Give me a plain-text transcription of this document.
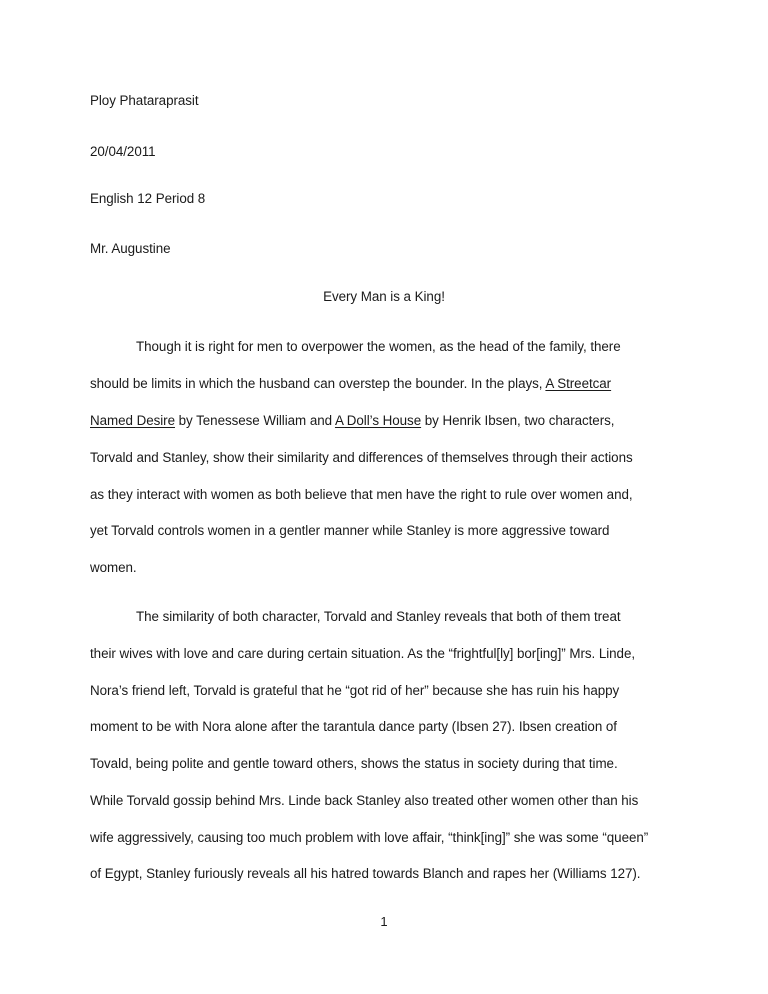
Ploy Phataraprasit
20/04/2011
English 12 Period 8
Mr. Augustine
Every Man is a King!
Though it is right for men to overpower the women, as the head of the family, there
should be limits in which the husband can overstep the bounder. In the plays, A Streetcar
Named Desire by Tenessese William and A Doll’s House by Henrik Ibsen, two characters,
Torvald and Stanley, show their similarity and differences of themselves through their actions
as they interact with women as both believe that men have the right to rule over women and,
yet Torvald controls women in a gentler manner while Stanley is more aggressive toward
women.
The similarity of both character, Torvald and Stanley reveals that both of them treat
their wives with love and care during certain situation. As the “frightful[ly] bor[ing]” Mrs. Linde,
Nora’s friend left, Torvald is grateful that he “got rid of her” because she has ruin his happy
moment to be with Nora alone after the tarantula dance party (Ibsen 27). Ibsen creation of
Tovald, being polite and gentle toward others, shows the status in society during that time.
While Torvald gossip behind Mrs. Linde back Stanley also treated other women other than his
wife aggressively, causing too much problem with love affair, “think[ing]” she was some “queen”
of Egypt, Stanley furiously reveals all his hatred towards Blanch and rapes her (Williams 127).
1
